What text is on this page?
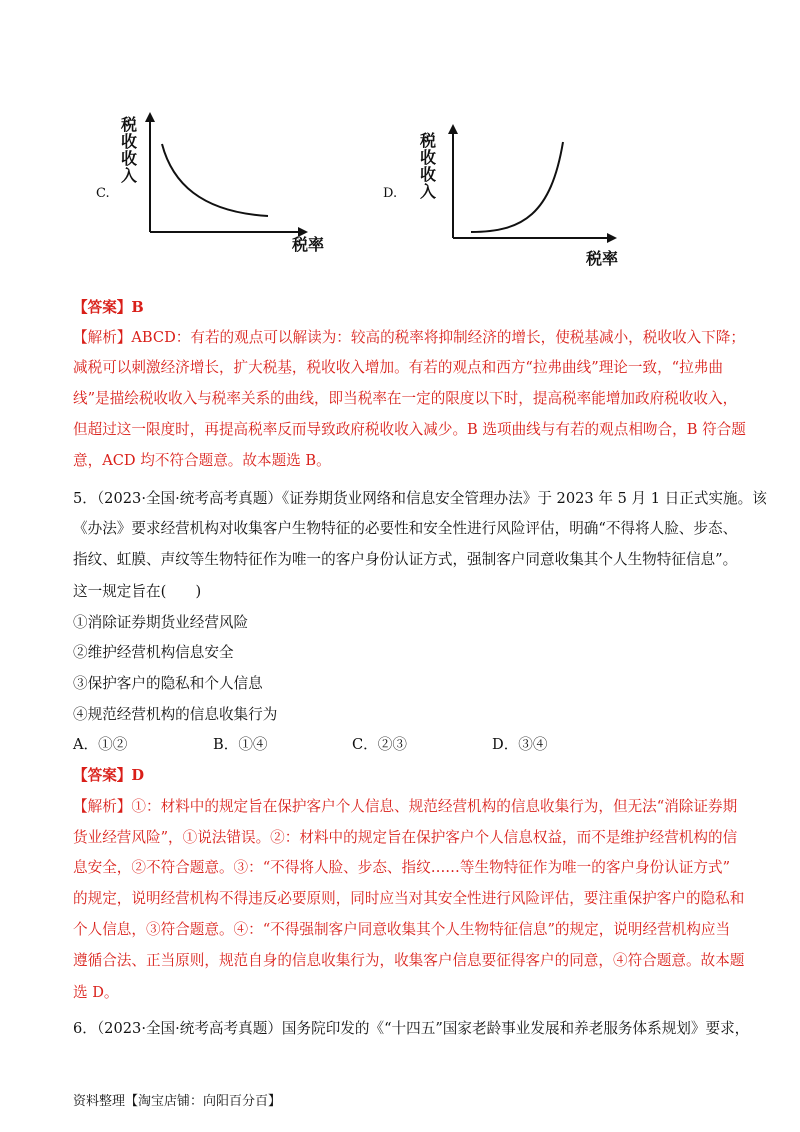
C.
税
收
收
入
税率
D.
税
收
收
入
税率
【答案】B
【解析】ABCD：有若的观点可以解读为：较高的税率将抑制经济的增长，使税基减小，税收收入下降；
减税可以刺激经济增长，扩大税基，税收收入增加。有若的观点和西方“拉弗曲线”理论一致，“拉弗曲
线”是描绘税收收入与税率关系的曲线，即当税率在一定的限度以下时，提高税率能增加政府税收收入，
但超过这一限度时，再提高税率反而导致政府税收收入减少。B 选项曲线与有若的观点相吻合，B 符合题
意，ACD 均不符合题意。故本题选 B。
5．（2023·全国·统考高考真题）《证券期货业网络和信息安全管理办法》于 2023 年 5 月 1 日正式实施。该
《办法》要求经营机构对收集客户生物特征的必要性和安全性进行风险评估，明确“不得将人脸、步态、
指纹、虹膜、声纹等生物特征作为唯一的客户身份认证方式，强制客户同意收集其个人生物特征信息”。
这一规定旨在(　　)
①消除证券期货业经营风险
②维护经营机构信息安全
③保护客户的隐私和个人信息
④规范经营机构的信息收集行为
A．①②	B．①④	C．②③	D．③④
【答案】D
【解析】①：材料中的规定旨在保护客户个人信息、规范经营机构的信息收集行为，但无法“消除证券期
货业经营风险”，①说法错误。②：材料中的规定旨在保护客户个人信息权益，而不是维护经营机构的信
息安全，②不符合题意。③：“不得将人脸、步态、指纹……等生物特征作为唯一的客户身份认证方式”
的规定，说明经营机构不得违反必要原则，同时应当对其安全性进行风险评估，要注重保护客户的隐私和
个人信息，③符合题意。④：“不得强制客户同意收集其个人生物特征信息”的规定，说明经营机构应当
遵循合法、正当原则，规范自身的信息收集行为，收集客户信息要征得客户的同意，④符合题意。故本题
选 D。
6．（2023·全国·统考高考真题）国务院印发的《“十四五”国家老龄事业发展和养老服务体系规划》要求，
资料整理【淘宝店铺：向阳百分百】
